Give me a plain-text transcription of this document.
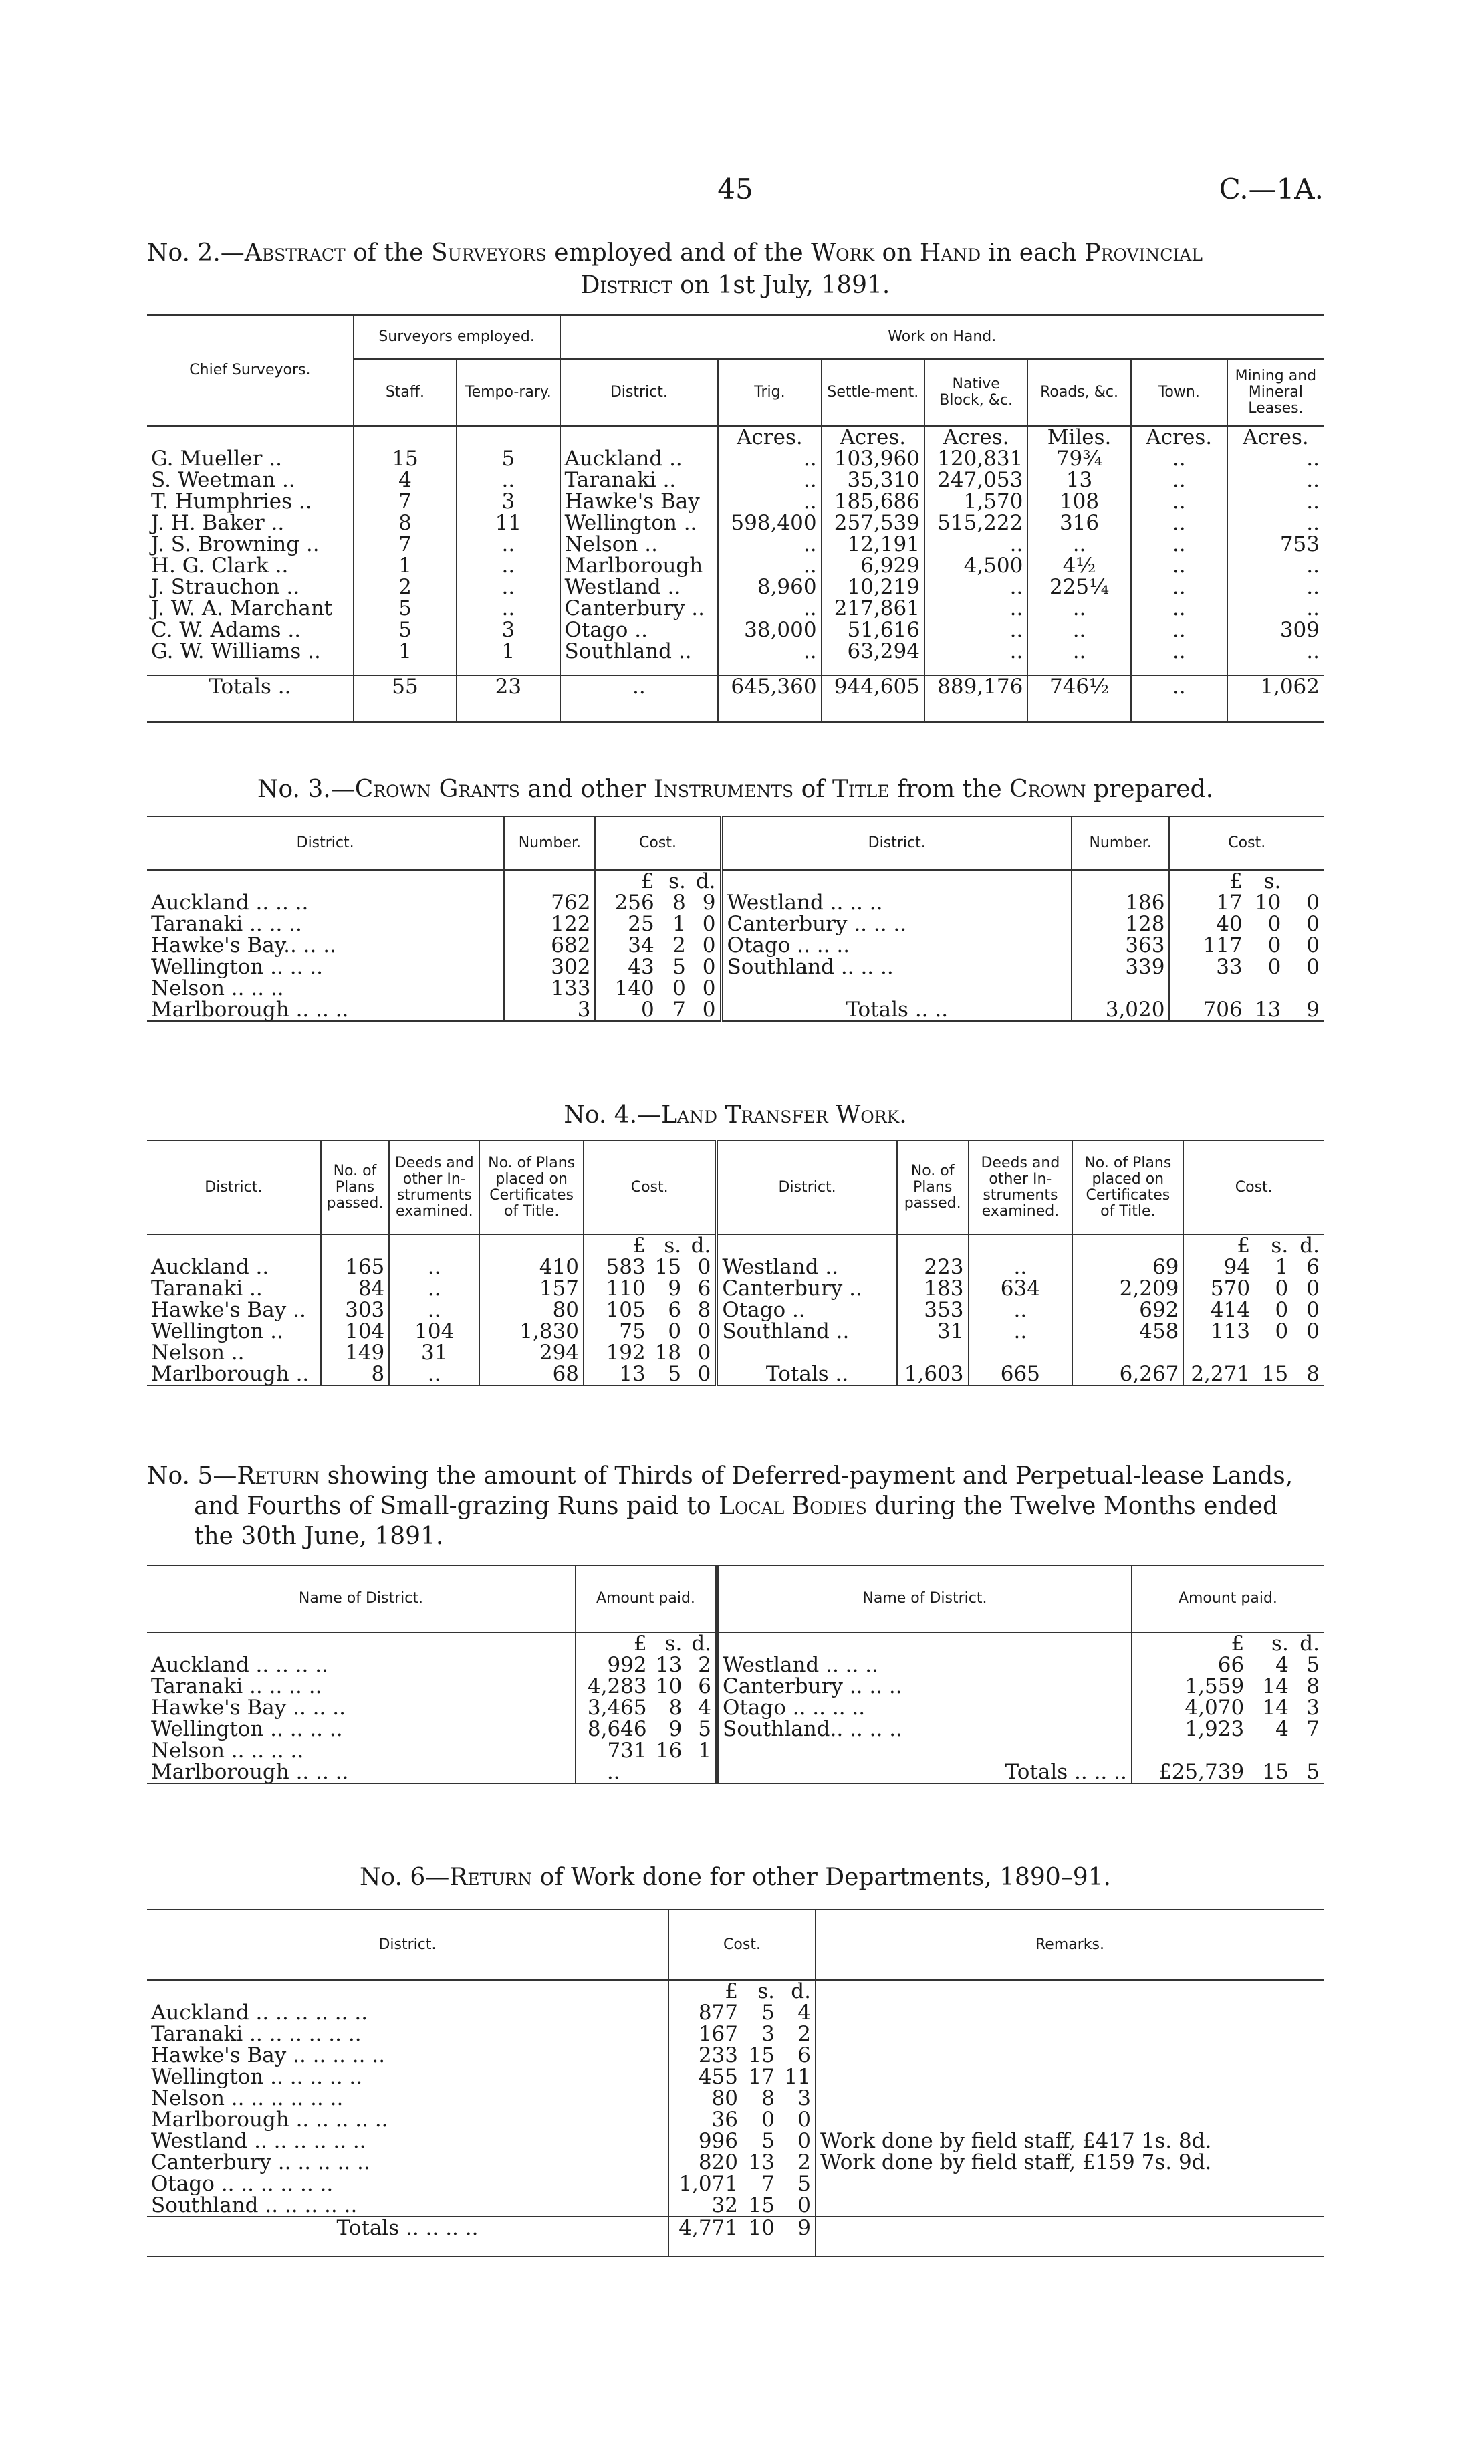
45	C.—1A.
No. 2.—Abstract of the Surveyors employed and of the Work on Hand in each Provincial
District on 1st July, 1891.
Chief Surveyors.	Surveyors employed.		Work on Hand.						
	Staff.	Tempo-rary.	District.	Trig.	Settle-ment.	Native Block, &c.	Roads, &c.	Town.	Mining and Mineral Leases.
				Acres.	Acres.	Acres.	Miles.	Acres.	Acres.
G. Mueller ..	15	5	Auckland ..	..	103,960	120,831	79¾	..	..
S. Weetman ..	4	..	Taranaki ..	..	35,310	247,053	13	..	..
T. Humphries ..	7	3	Hawke's Bay	..	185,686	1,570	108	..	..
J. H. Baker ..	8	11	Wellington ..	598,400	257,539	515,222	316	..	..
J. S. Browning ..	7	..	Nelson ..	..	12,191	..	..	..	753
H. G. Clark ..	1	..	Marlborough	..	6,929	4,500	4½	..	..
J. Strauchon ..	2	..	Westland ..	8,960	10,219	..	225¼	..	..
J. W. A. Marchant	5	..	Canterbury ..	..	217,861	..	..	..	..
C. W. Adams ..	5	3	Otago ..	38,000	51,616	..	..	..	309
G. W. Williams ..	1	1	Southland ..	..	63,294	..	..	..	..

Totals ..	55	23	..	645,360	944,605	889,176	746½	..	1,062
No. 3.—Crown Grants and other Instruments of Title from the Crown prepared.
District.	Number.	Cost.			District.	Number.	Cost.		
		£	s.	d.			£	s.	
Auckland .. .. ..	762	256	8	9	Westland .. .. ..	186	17	10	0
Taranaki .. .. ..	122	25	1	0	Canterbury .. .. ..	128	40	0	0
Hawke's Bay.. .. ..	682	34	2	0	Otago .. .. ..	363	117	0	0
Wellington .. .. ..	302	43	5	0	Southland .. .. ..	339	33	0	0
Nelson .. .. ..	133	140	0	0					
Marlborough .. .. ..	3	0	7	0	Totals .. ..	3,020	706	13	9
No. 4.—Land Transfer Work.
District.	No. of Plans passed.	Deeds and other In-struments examined.	No. of Plans placed on Certificates of Title.	Cost.			District.	No. of Plans passed.	Deeds and other In-struments examined.	No. of Plans placed on Certificates of Title.	Cost.		
				£	s.	d.					£	s.	d.
Auckland ..	165	..	410	583	15	0	Westland ..	223	..	69	94	1	6
Taranaki ..	84	..	157	110	9	6	Canterbury ..	183	634	2,209	570	0	0
Hawke's Bay ..	303	..	80	105	6	8	Otago ..	353	..	692	414	0	0
Wellington ..	104	104	1,830	75	0	0	Southland ..	31	..	458	113	0	0
Nelson ..	149	31	294	192	18	0							
Marlborough ..	8	..	68	13	5	0	Totals ..	1,603	665	6,267	2,271	15	8
No. 5—Return showing the amount of Thirds of Deferred-payment and Perpetual-lease Lands,
and Fourths of Small-grazing Runs paid to Local Bodies during the Twelve Months ended
the 30th June, 1891.
Name of District.	Amount paid.			Name of District.	Amount paid.		
	£	s.	d.		£	s.	d.
Auckland .. .. .. ..	992	13	2	Westland .. .. ..	66	4	5
Taranaki .. .. .. ..	4,283	10	6	Canterbury .. .. ..	1,559	14	8
Hawke's Bay .. .. ..	3,465	8	4	Otago .. .. .. ..	4,070	14	3
Wellington .. .. .. ..	8,646	9	5	Southland.. .. .. ..	1,923	4	7
Nelson .. .. .. ..	731	16	1				
Marlborough .. .. ..	..			Totals .. .. ..	£25,739	15	5
No. 6—Return of Work done for other Departments, 1890–91.
District.	Cost.			Remarks.
	£	s.	d.	
Auckland .. .. .. .. .. ..	877	5	4	
Taranaki .. .. .. .. .. ..	167	3	2	
Hawke's Bay .. .. .. .. ..	233	15	6	
Wellington .. .. .. .. ..	455	17	11	
Nelson .. .. .. .. .. ..	80	8	3	
Marlborough .. .. .. .. ..	36	0	0	
Westland .. .. .. .. .. ..	996	5	0	Work done by field staff, £417 1s. 8d.
Canterbury .. .. .. .. ..	820	13	2	Work done by field staff, £159 7s. 9d.
Otago .. .. .. .. .. ..	1,071	7	5	
Southland .. .. .. .. ..	32	15	0	
Totals .. .. .. ..	4,771	10	9	
